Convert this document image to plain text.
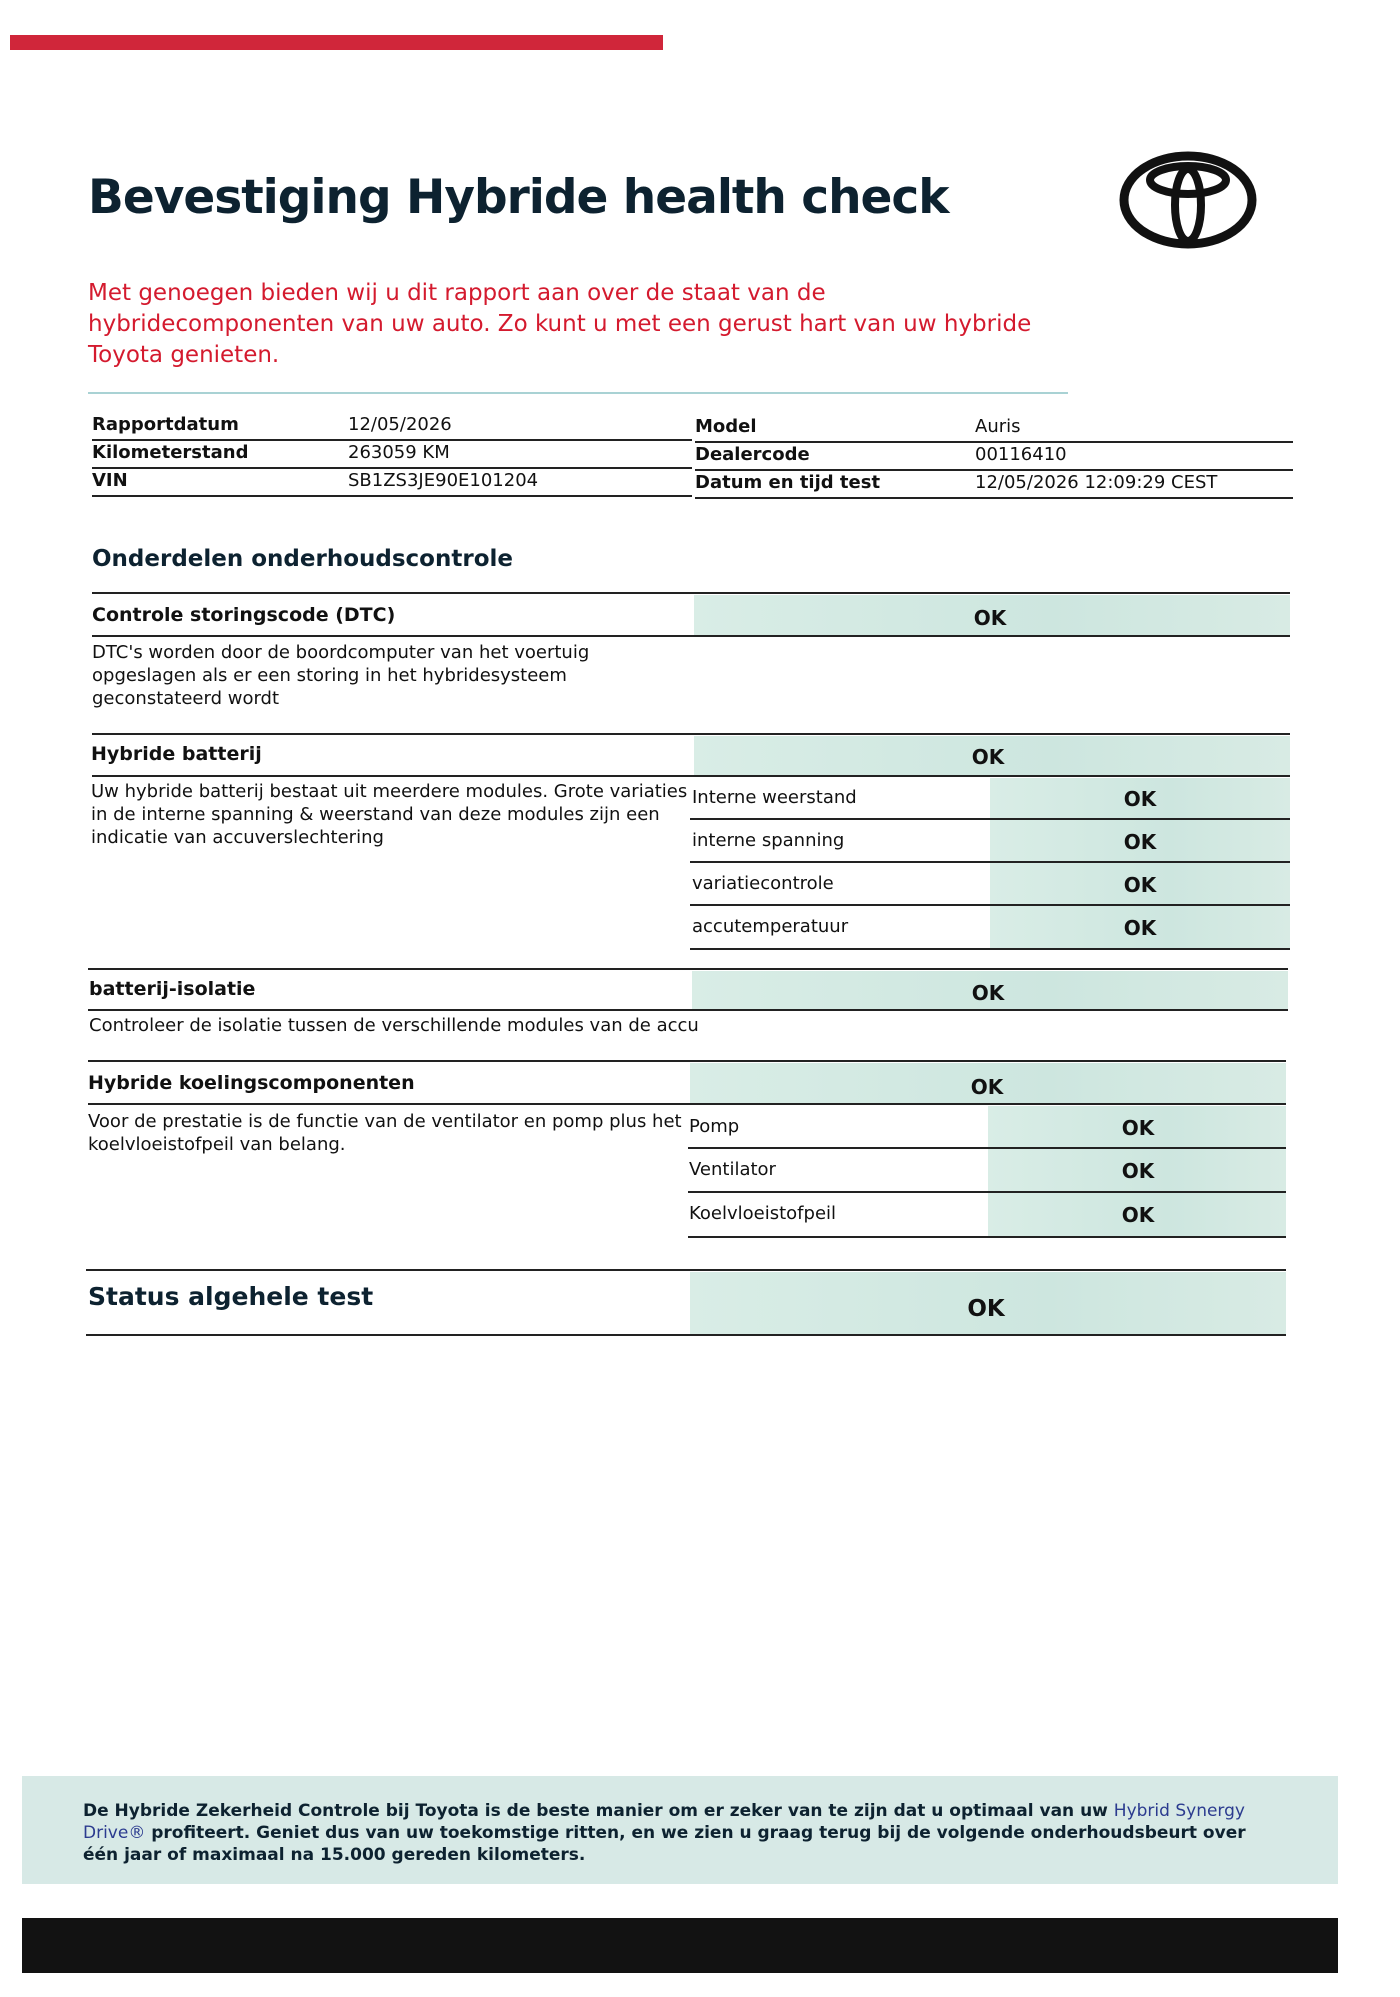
Bevestiging Hybride health check
Met genoegen bieden wij u dit rapport aan over de staat van de hybridecomponenten van uw auto. Zo kunt u met een gerust hart van uw hybride Toyota genieten.
Rapportdatum	12/05/2026
Kilometerstand	263059 KM
VIN	SB1ZS3JE90E101204
Model	Auris
Dealercode	00116410
Datum en tijd test	12/05/2026 12:09:29 CEST
Onderdelen onderhoudscontrole
Controle storingscode (DTC)	OK
DTC's worden door de boordcomputer van het voertuig opgeslagen als er een storing in het hybridesysteem geconstateerd wordt
Hybride batterij	OK
Uw hybride batterij bestaat uit meerdere modules. Grote variaties in de interne spanning & weerstand van deze modules zijn een indicatie van accuverslechtering
Interne weerstand	OK
interne spanning	OK
variatiecontrole	OK
accutemperatuur	OK
batterij-isolatie	OK
Controleer de isolatie tussen de verschillende modules van de accu
Hybride koelingscomponenten	OK
Voor de prestatie is de functie van de ventilator en pomp plus het koelvloeistofpeil van belang.
Pomp	OK
Ventilator	OK
Koelvloeistofpeil	OK
Status algehele test	OK
De Hybride Zekerheid Controle bij Toyota is de beste manier om er zeker van te zijn dat u optimaal van uw Hybrid Synergy Drive® profiteert. Geniet dus van uw toekomstige ritten, en we zien u graag terug bij de volgende onderhoudsbeurt over één jaar of maximaal na 15.000 gereden kilometers.
